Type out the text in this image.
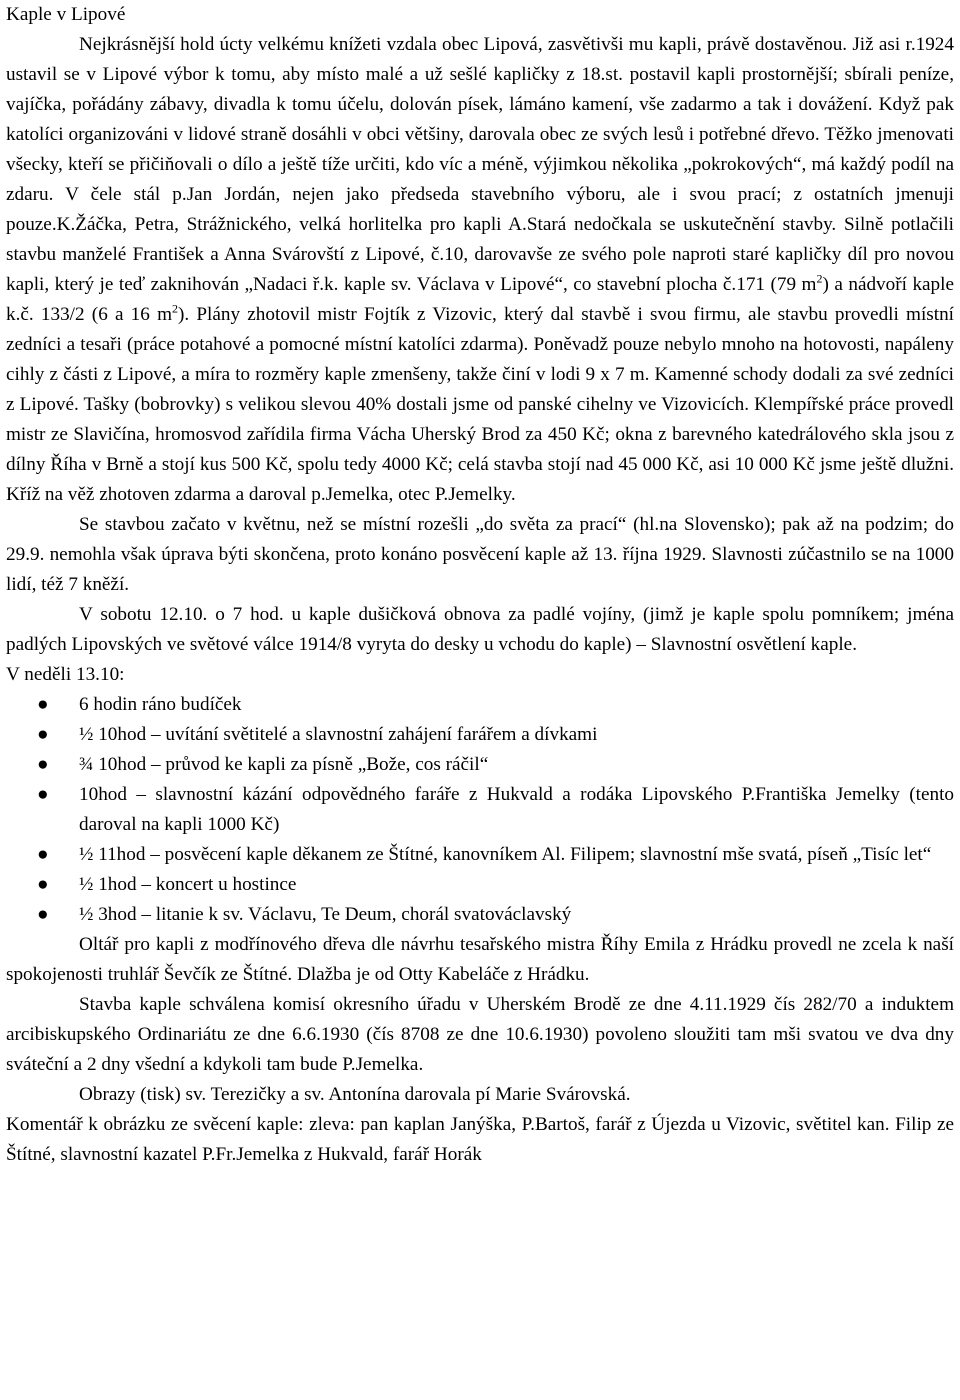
Kaple v Lipové

Nejkrásnější hold úcty velkému knížeti vzdala obec Lipová, zasvětivši mu kapli, právě dostavěnou. Již asi r.1924 ustavil se v Lipové výbor k tomu, aby místo malé a už sešlé kapličky z 18.st. postavil kapli prostornější; sbírali peníze, vajíčka, pořádány zábavy, divadla k tomu účelu, dolován písek, lámáno kamení, vše zadarmo a tak i dovážení. Když pak katolíci organizováni v lidové straně dosáhli v obci většiny, darovala obec ze svých lesů i potřebné dřevo. Těžko jmenovati všecky, kteří se přičiňovali o dílo a ještě tíže určiti, kdo víc a méně, výjimkou několika „pokrokových“, má každý podíl na zdaru. V čele stál p.Jan Jordán, nejen jako předseda stavebního výboru, ale i svou prací; z ostatních jmenuji pouze.K.Žáčka, Petra, Strážnického, velká horlitelka pro kapli A.Stará nedočkala se uskutečnění stavby. Silně potlačili stavbu manželé František a Anna Svárovští z Lipové, č.10, darovavše ze svého pole naproti staré kapličky díl pro novou kapli, který je teď zaknihován „Nadaci ř.k. kaple sv. Václava v Lipové“, co stavební plocha č.171 (79 $m^2$) a nádvoří kaple k.č. 133/2 (6 a 16 $m^2$). Plány zhotovil mistr Fojtík z Vizovic, který dal stavbě i svou firmu, ale stavbu provedli místní zedníci a tesaři (práce potahové a pomocné místní katolíci zdarma). Poněvadž pouze nebylo mnoho na hotovosti, napáleny cihly z části z Lipové, a míra to rozměry kaple zmenšeny, takže činí v lodi 9 x 7 m. Kamenné schody dodali za své zedníci z Lipové. Tašky (bobrovky) s velikou slevou 40% dostali jsme od panské cihelny ve Vizovicích. Klempířské práce provedl mistr ze Slavičína, hromosvod zařídila firma Vácha Uherský Brod za 450 Kč; okna z barevného katedrálového skla jsou z dílny Říha v Brně a stojí kus 500 Kč, spolu tedy 4000 Kč; celá stavba stojí nad 45 000 Kč, asi 10 000 Kč jsme ještě dlužni. Kříž na věž zhotoven zdarma a daroval p.Jemelka, otec P.Jemelky.

Se stavbou začato v květnu, než se místní rozešli „do světa za prací“ (hl.na Slovensko); pak až na podzim; do 29.9. nemohla však úprava býti skončena, proto konáno posvěcení kaple až 13. října 1929. Slavnosti zúčastnilo se na 1000 lidí, též 7 kněží.

V sobotu 12.10. o 7 hod. u kaple dušičková obnova za padlé vojíny, (jimž je kaple spolu pomníkem; jména padlých Lipovských ve světové válce 1914/8 vyryta do desky u vchodu do kaple) – Slavnostní osvětlení kaple.

V neděli 13.10:

● 6 hodin ráno budíček
● ½ 10hod – uvítání světitelé a slavnostní zahájení farářem a dívkami
● ¾ 10hod – průvod ke kapli za písně „Bože, cos ráčil“
● 10hod – slavnostní kázání odpovědného faráře z Hukvald a rodáka Lipovského P.Františka Jemelky (tento daroval na kapli 1000 Kč)
● ½ 11hod – posvěcení kaple děkanem ze Štítné, kanovníkem Al. Filipem; slavnostní mše svatá, píseň „Tisíc let“
● ½ 1hod – koncert u hostince
● ½ 3hod – litanie k sv. Václavu, Te Deum, chorál svatováclavský

Oltář pro kapli z modřínového dřeva dle návrhu tesařského mistra Říhy Emila z Hrádku provedl ne zcela k naší spokojenosti truhlář Ševčík ze Štítné. Dlažba je od Otty Kabeláče z Hrádku.

Stavba kaple schválena komisí okresního úřadu v Uherském Brodě ze dne 4.11.1929 čís 282/70 a induktem arcibiskupského Ordinariátu ze dne 6.6.1930 (čís 8708 ze dne 10.6.1930) povoleno sloužiti tam mši svatou ve dva dny sváteční a 2 dny všední a kdykoli tam bude P.Jemelka.

Obrazy (tisk) sv. Terezičky a sv. Antonína darovala pí Marie Svárovská.

Komentář k obrázku ze svěcení kaple: zleva: pan kaplan Janýška, P.Bartoš, farář z Újezda u Vizovic, světitel kan. Filip ze Štítné, slavnostní kazatel P.Fr.Jemelka z Hukvald, farář Horák
